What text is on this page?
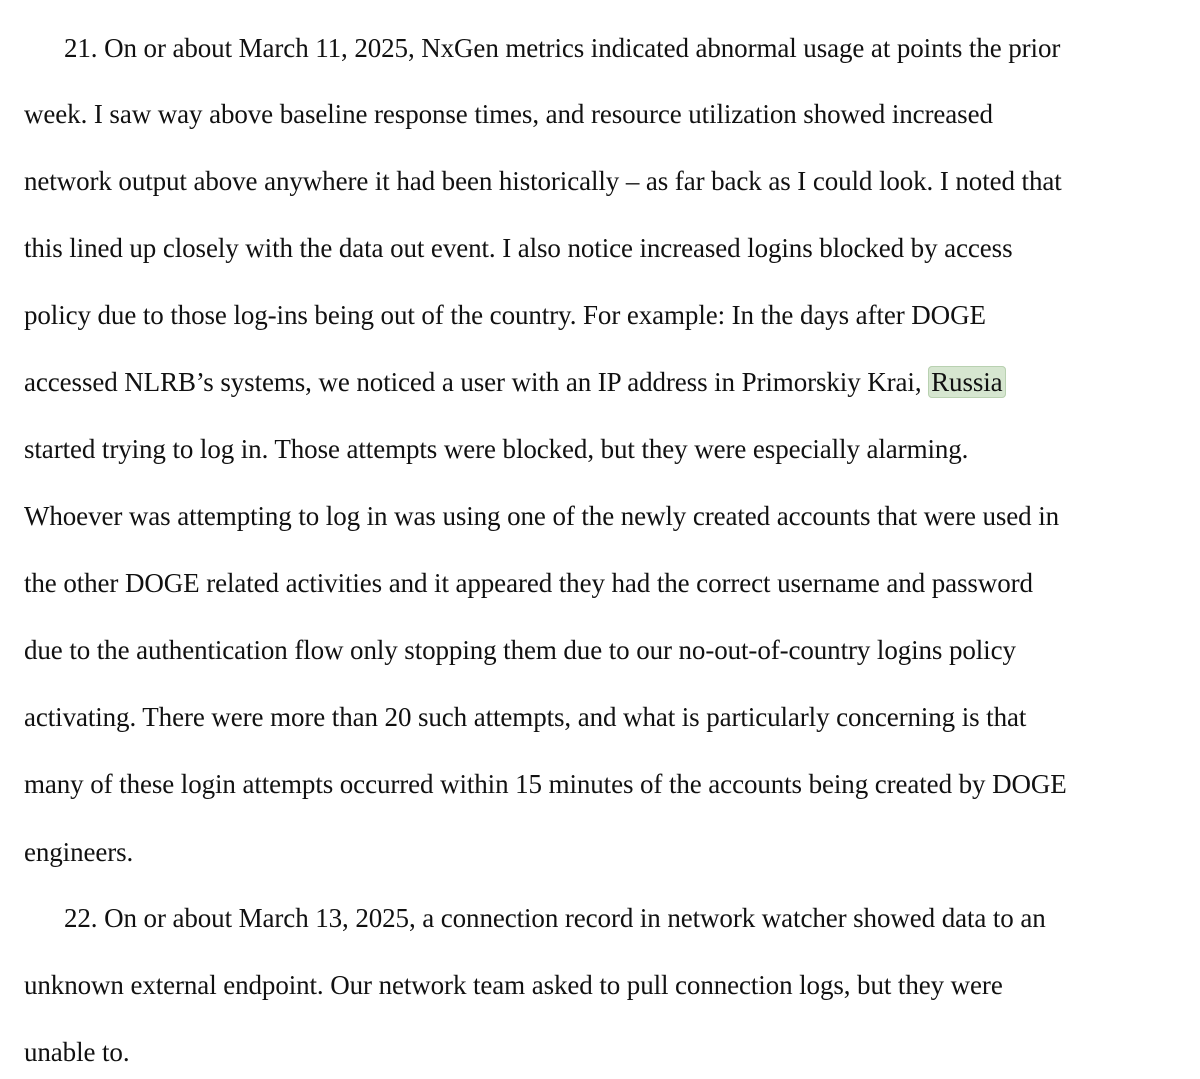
21. On or about March 11, 2025, NxGen metrics indicated abnormal usage at points the prior
week. I saw way above baseline response times, and resource utilization showed increased
network output above anywhere it had been historically – as far back as I could look. I noted that
this lined up closely with the data out event. I also notice increased logins blocked by access
policy due to those log-ins being out of the country. For example: In the days after DOGE
accessed NLRB’s systems, we noticed a user with an IP address in Primorskiy Krai, Russia
started trying to log in. Those attempts were blocked, but they were especially alarming.
Whoever was attempting to log in was using one of the newly created accounts that were used in
the other DOGE related activities and it appeared they had the correct username and password
due to the authentication flow only stopping them due to our no-out-of-country logins policy
activating. There were more than 20 such attempts, and what is particularly concerning is that
many of these login attempts occurred within 15 minutes of the accounts being created by DOGE
engineers.
22. On or about March 13, 2025, a connection record in network watcher showed data to an
unknown external endpoint. Our network team asked to pull connection logs, but they were
unable to.
